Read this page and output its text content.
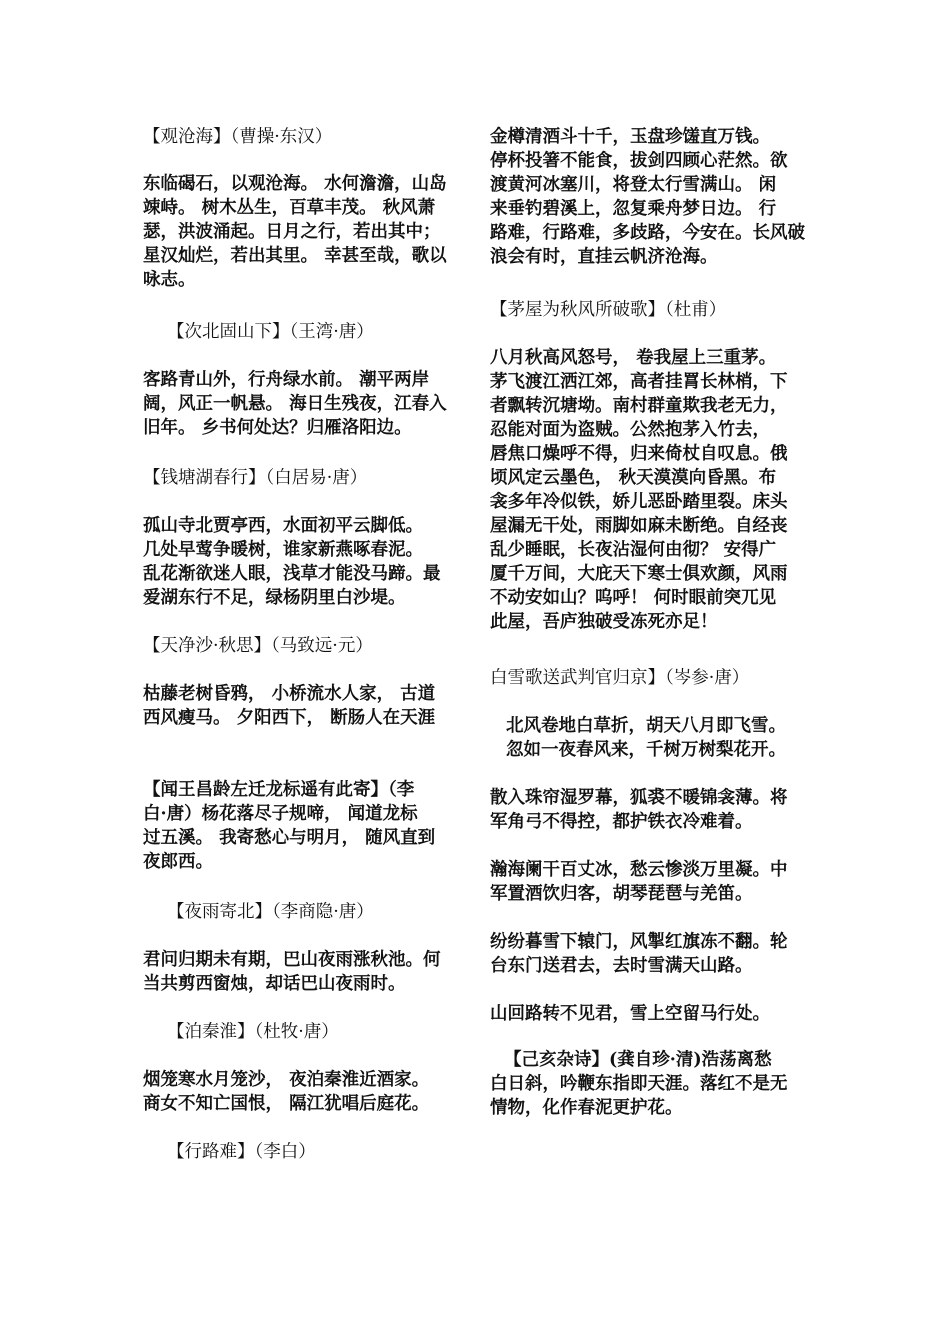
【观沧海】（曹操·东汉）

东临碣石，以观沧海。 水何澹澹，山岛
竦峙。 树木丛生，百草丰茂。 秋风萧
瑟，洪波涌起。日月之行，若出其中；
星汉灿烂，若出其里。 幸甚至哉，歌以
咏志。

【次北固山下】（王湾·唐）

客路青山外，行舟绿水前。 潮平两岸
阔，风正一帆悬。 海日生残夜，江春入
旧年。 乡书何处达？归雁洛阳边。

【钱塘湖春行】（白居易·唐）

孤山寺北贾亭西，水面初平云脚低。
几处早莺争暖树，谁家新燕啄春泥。
乱花渐欲迷人眼，浅草才能没马蹄。最
爱湖东行不足，绿杨阴里白沙堤。

【天净沙·秋思】（马致远·元）

枯藤老树昏鸦， 小桥流水人家， 古道
西风瘦马。 夕阳西下， 断肠人在天涯

【闻王昌龄左迁龙标遥有此寄】（李
白·唐）杨花落尽子规啼， 闻道龙标
过五溪。 我寄愁心与明月， 随风直到
夜郎西。

【夜雨寄北】（李商隐·唐）

君问归期未有期，巴山夜雨涨秋池。何
当共剪西窗烛，却话巴山夜雨时。

【泊秦淮】（杜牧·唐）

烟笼寒水月笼沙， 夜泊秦淮近酒家。
商女不知亡国恨， 隔江犹唱后庭花。

【行路难】（李白）

金樽清酒斗十千，玉盘珍馐直万钱。
停杯投箸不能食，拔剑四顾心茫然。欲
渡黄河冰塞川，将登太行雪满山。 闲
来垂钓碧溪上，忽复乘舟梦日边。 行
路难，行路难，多歧路，今安在。长风破
浪会有时，直挂云帆济沧海。

【茅屋为秋风所破歌】（杜甫）

八月秋高风怒号， 卷我屋上三重茅。
茅飞渡江洒江郊，高者挂罥长林梢，下
者飘转沉塘坳。南村群童欺我老无力，
忍能对面为盗贼。公然抱茅入竹去，
唇焦口燥呼不得，归来倚杖自叹息。俄
顷风定云墨色， 秋天漠漠向昏黑。布
衾多年冷似铁，娇儿恶卧踏里裂。床头
屋漏无干处，雨脚如麻未断绝。自经丧
乱少睡眠，长夜沾湿何由彻？ 安得广
厦千万间，大庇天下寒士俱欢颜，风雨
不动安如山？呜呼！ 何时眼前突兀见
此屋，吾庐独破受冻死亦足！

白雪歌送武判官归京】（岑参·唐）

北风卷地白草折，胡天八月即飞雪。
忽如一夜春风来，千树万树梨花开。

散入珠帘湿罗幕，狐裘不暖锦衾薄。将
军角弓不得控，都护铁衣冷难着。

瀚海阑干百丈冰，愁云惨淡万里凝。中
军置酒饮归客，胡琴琵琶与羌笛。

纷纷暮雪下辕门，风掣红旗冻不翻。轮
台东门送君去，去时雪满天山路。

山回路转不见君，雪上空留马行处。

【己亥杂诗】(龚自珍·清)浩荡离愁
白日斜，吟鞭东指即天涯。落红不是无
情物，化作春泥更护花。
